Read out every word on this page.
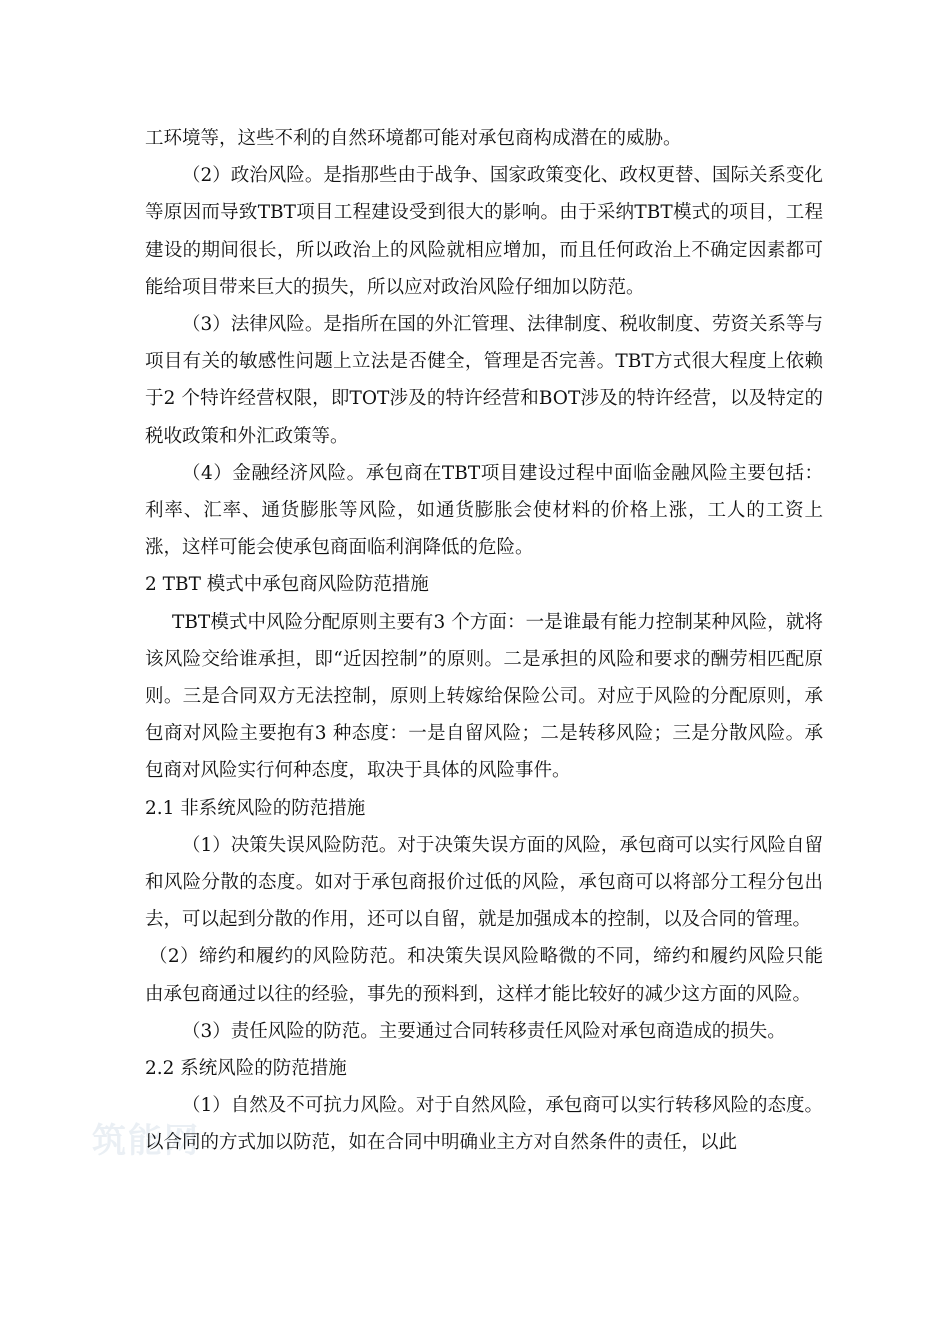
筑能网

工环境等，这些不利的自然环境都可能对承包商构成潜在的威胁。

（2）政治风险。是指那些由于战争、国家政策变化、政权更替、国际关系变化等原因而导致TBT项目工程建设受到很大的影响。由于采纳TBT模式的项目，工程建设的期间很长，所以政治上的风险就相应增加，而且任何政治上不确定因素都可能给项目带来巨大的损失，所以应对政治风险仔细加以防范。

（3）法律风险。是指所在国的外汇管理、法律制度、税收制度、劳资关系等与项目有关的敏感性问题上立法是否健全，管理是否完善。TBT方式很大程度上依赖于2 个特许经营权限，即TOT涉及的特许经营和BOT涉及的特许经营，以及特定的税收政策和外汇政策等。

（4）金融经济风险。承包商在TBT项目建设过程中面临金融风险主要包括：利率、汇率、通货膨胀等风险，如通货膨胀会使材料的价格上涨，工人的工资上涨，这样可能会使承包商面临利润降低的危险。

2 TBT 模式中承包商风险防范措施

TBT模式中风险分配原则主要有3 个方面：一是谁最有能力控制某种风险，就将该风险交给谁承担，即“近因控制”的原则。二是承担的风险和要求的酬劳相匹配原则。三是合同双方无法控制，原则上转嫁给保险公司。对应于风险的分配原则，承包商对风险主要抱有3 种态度：一是自留风险；二是转移风险；三是分散风险。承包商对风险实行何种态度，取决于具体的风险事件。

2.1 非系统风险的防范措施

（1）决策失误风险防范。对于决策失误方面的风险，承包商可以实行风险自留和风险分散的态度。如对于承包商报价过低的风险，承包商可以将部分工程分包出去，可以起到分散的作用，还可以自留，就是加强成本的控制，以及合同的管理。

（2）缔约和履约的风险防范。和决策失误风险略微的不同，缔约和履约风险只能由承包商通过以往的经验，事先的预料到，这样才能比较好的减少这方面的风险。

（3）责任风险的防范。主要通过合同转移责任风险对承包商造成的损失。

2.2 系统风险的防范措施

（1）自然及不可抗力风险。对于自然风险，承包商可以实行转移风险的态度。以合同的方式加以防范，如在合同中明确业主方对自然条件的责任，以此
